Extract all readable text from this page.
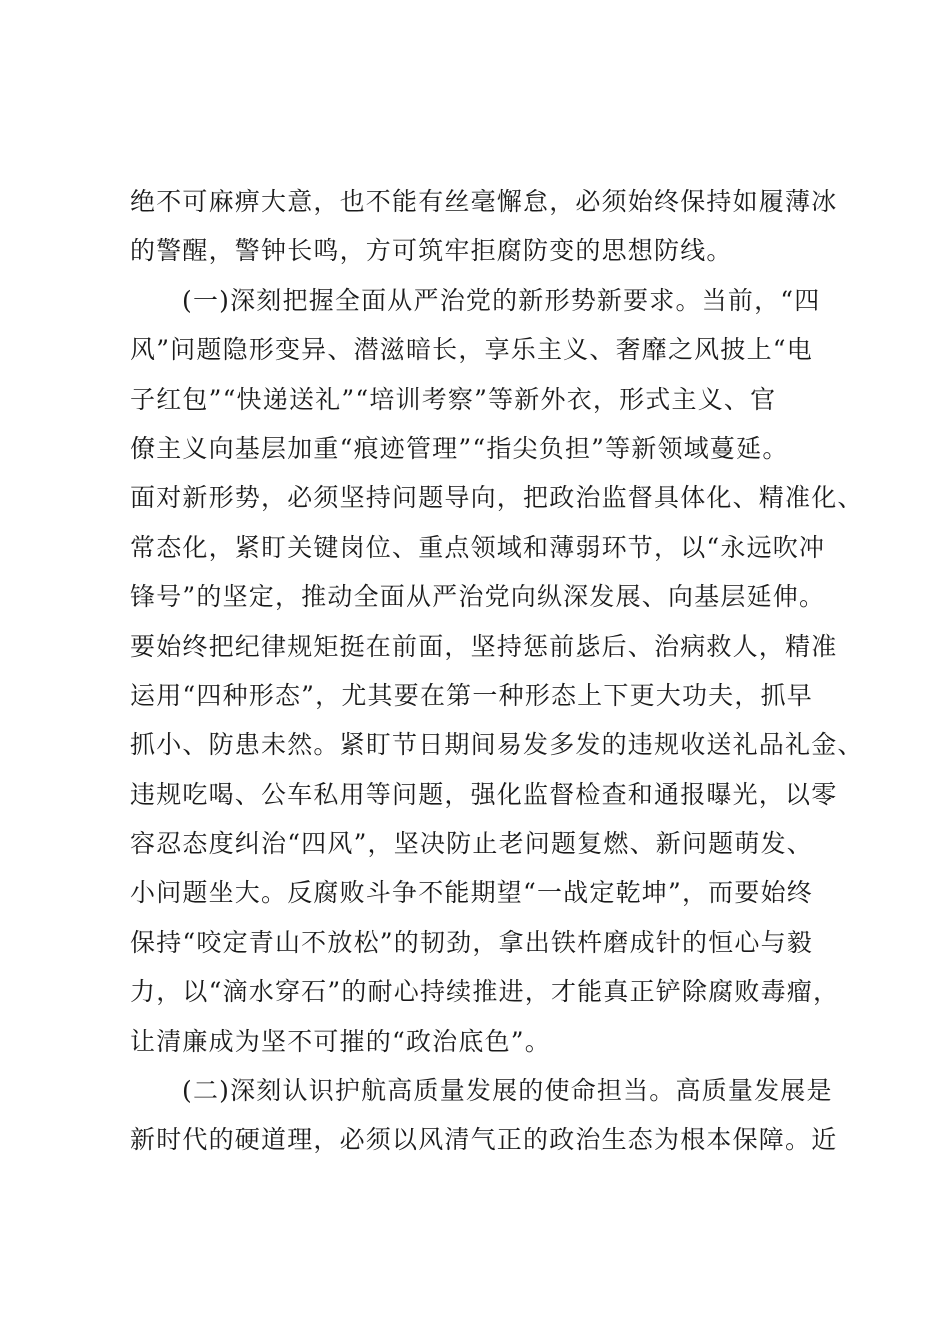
绝不可麻痹大意，也不能有丝毫懈怠，必须始终保持如履薄冰
的警醒，警钟长鸣，方可筑牢拒腐防变的思想防线。
(一)深刻把握全面从严治党的新形势新要求。当前，“四
风”问题隐形变异、潜滋暗长，享乐主义、奢靡之风披上“电
子红包”“快递送礼”“培训考察”等新外衣，形式主义、官
僚主义向基层加重“痕迹管理”“指尖负担”等新领域蔓延。
面对新形势，必须坚持问题导向，把政治监督具体化、精准化、
常态化，紧盯关键岗位、重点领域和薄弱环节，以“永远吹冲
锋号”的坚定，推动全面从严治党向纵深发展、向基层延伸。
要始终把纪律规矩挺在前面，坚持惩前毖后、治病救人，精准
运用“四种形态”，尤其要在第一种形态上下更大功夫，抓早
抓小、防患未然。紧盯节日期间易发多发的违规收送礼品礼金、
违规吃喝、公车私用等问题，强化监督检查和通报曝光，以零
容忍态度纠治“四风”，坚决防止老问题复燃、新问题萌发、
小问题坐大。反腐败斗争不能期望“一战定乾坤”，而要始终
保持“咬定青山不放松”的韧劲，拿出铁杵磨成针的恒心与毅
力，以“滴水穿石”的耐心持续推进，才能真正铲除腐败毒瘤，
让清廉成为坚不可摧的“政治底色”。
(二)深刻认识护航高质量发展的使命担当。高质量发展是
新时代的硬道理，必须以风清气正的政治生态为根本保障。近
